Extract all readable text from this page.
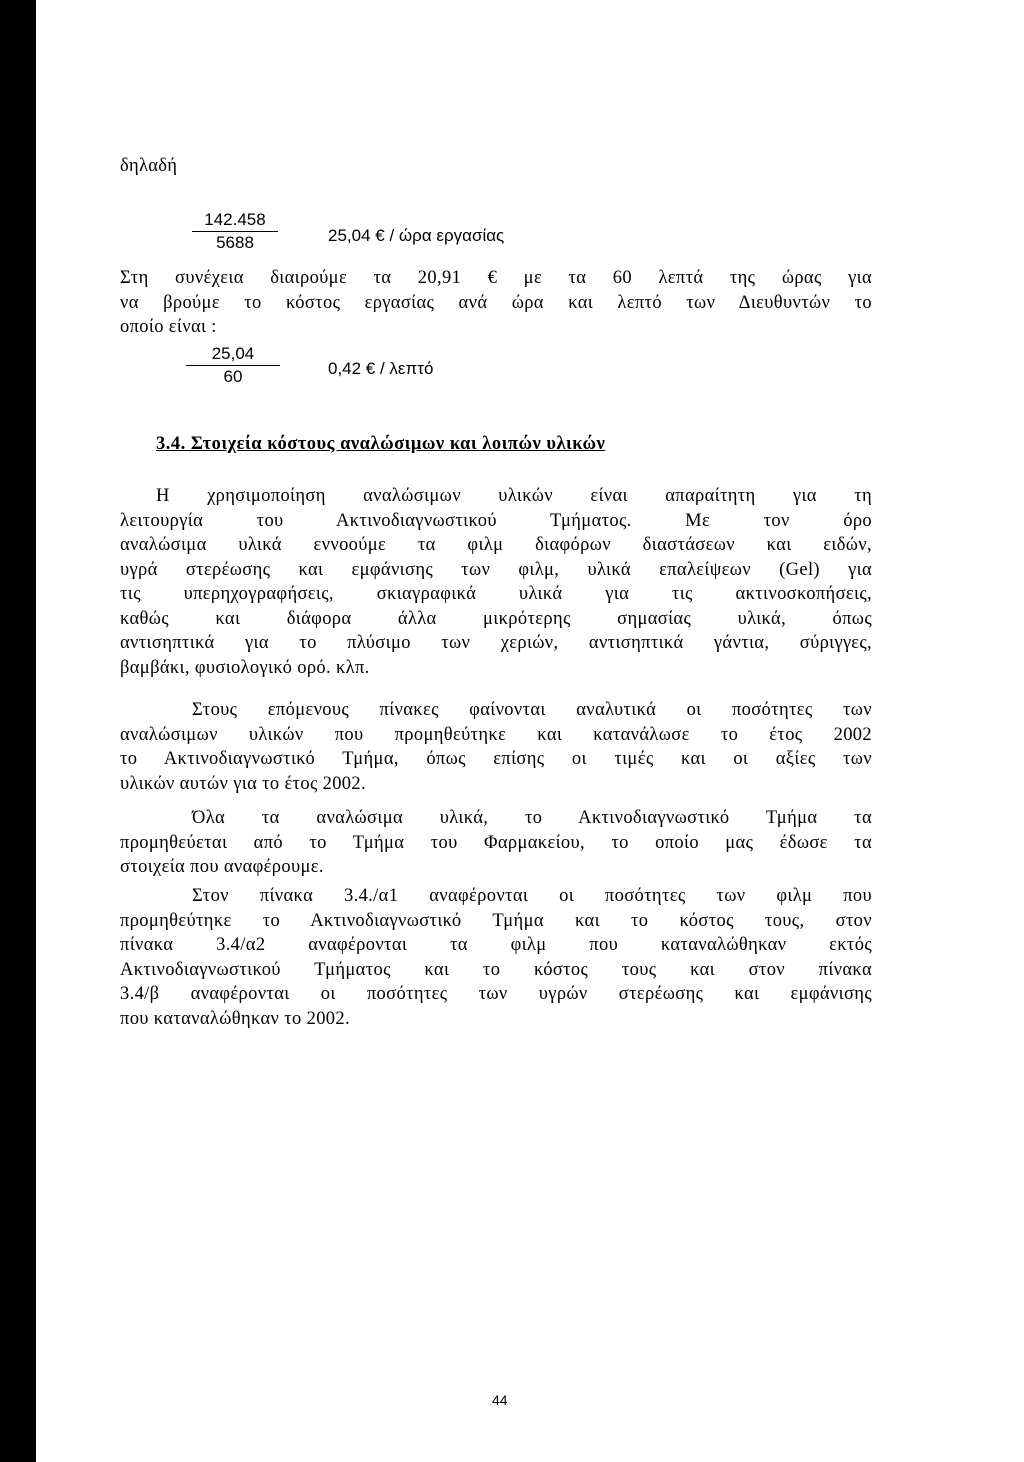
δηλαδή
142.458
5688	25,04 € / ώρα εργασίας
Στη συνέχεια διαιρούμε τα 20,91 € με τα 60 λεπτά της ώρας για
να βρούμε το κόστος εργασίας ανά ώρα και λεπτό των Διευθυντών το
οποίο είναι :
25,04
60	0,42 € / λεπτό
3.4. Στοιχεία κόστους αναλώσιμων και λοιπών υλικών
Η χρησιμοποίηση αναλώσιμων υλικών είναι απαραίτητη για τη
λειτουργία του Ακτινοδιαγνωστικού Τμήματος. Με τον όρο
αναλώσιμα υλικά εννοούμε τα φιλμ διαφόρων διαστάσεων και ειδών,
υγρά στερέωσης και εμφάνισης των φιλμ, υλικά επαλείψεων (Gel) για
τις υπερηχογραφήσεις, σκιαγραφικά υλικά για τις ακτινοσκοπήσεις,
καθώς και διάφορα άλλα μικρότερης σημασίας υλικά, όπως
αντισηπτικά για το πλύσιμο των χεριών, αντισηπτικά γάντια, σύριγγες,
βαμβάκι, φυσιολογικό ορό. κλπ.
Στους επόμενους πίνακες φαίνονται αναλυτικά οι ποσότητες των
αναλώσιμων υλικών που προμηθεύτηκε και κατανάλωσε το έτος 2002
το Ακτινοδιαγνωστικό Τμήμα, όπως επίσης οι τιμές και οι αξίες των
υλικών αυτών για το έτος 2002.
Όλα τα αναλώσιμα υλικά, το Ακτινοδιαγνωστικό Τμήμα τα
προμηθεύεται από το Τμήμα του Φαρμακείου, το οποίο μας έδωσε τα
στοιχεία που αναφέρουμε.
Στον πίνακα 3.4./α1 αναφέρονται οι ποσότητες των φιλμ που
προμηθεύτηκε το Ακτινοδιαγνωστικό Τμήμα και το κόστος τους, στον
πίνακα 3.4/α2 αναφέρονται τα φιλμ που καταναλώθηκαν εκτός
Ακτινοδιαγνωστικού Τμήματος και το κόστος τους και στον πίνακα
3.4/β αναφέρονται οι ποσότητες των υγρών στερέωσης και εμφάνισης
που καταναλώθηκαν το 2002.
44
